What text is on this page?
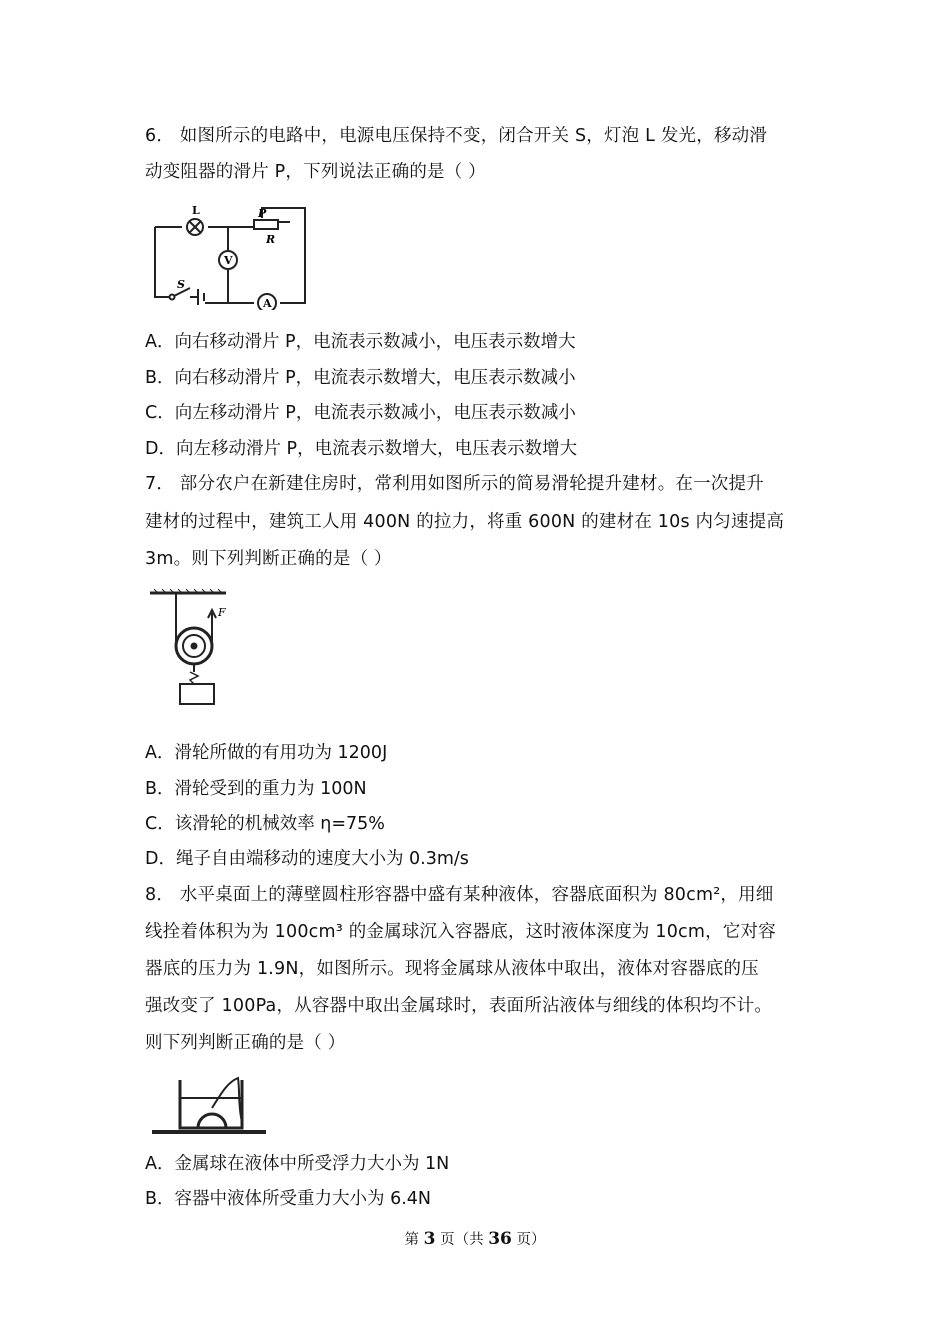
6． 如图所示的电路中，电源电压保持不变，闭合开关 S，灯泡 L 发光，移动滑
动变阻器的滑片 P，下列说法正确的是（ ）
L	P
R
V
A
S
A．向右移动滑片 P，电流表示数减小，电压表示数增大
B．向右移动滑片 P，电流表示数增大，电压表示数减小
C．向左移动滑片 P，电流表示数减小，电压表示数减小
D．向左移动滑片 P，电流表示数增大，电压表示数增大
7． 部分农户在新建住房时，常利用如图所示的简易滑轮提升建材。在一次提升
建材的过程中，建筑工人用 400N 的拉力，将重 600N 的建材在 10s 内匀速提高
3m。则下列判断正确的是（ ）
F
A．滑轮所做的有用功为 1200J
B．滑轮受到的重力为 100N
C．该滑轮的机械效率 η=75%
D．绳子自由端移动的速度大小为 0.3m/s
8． 水平桌面上的薄壁圆柱形容器中盛有某种液体，容器底面积为 80cm²，用细
线拴着体积为为 100cm³ 的金属球沉入容器底，这时液体深度为 10cm，它对容
器底的压力为 1.9N，如图所示。现将金属球从液体中取出，液体对容器底的压
强改变了 100Pa，从容器中取出金属球时，表面所沾液体与细线的体积均不计。
则下列判断正确的是（ ）
A．金属球在液体中所受浮力大小为 1N
B．容器中液体所受重力大小为 6.4N
第 3 页（共 36 页）
